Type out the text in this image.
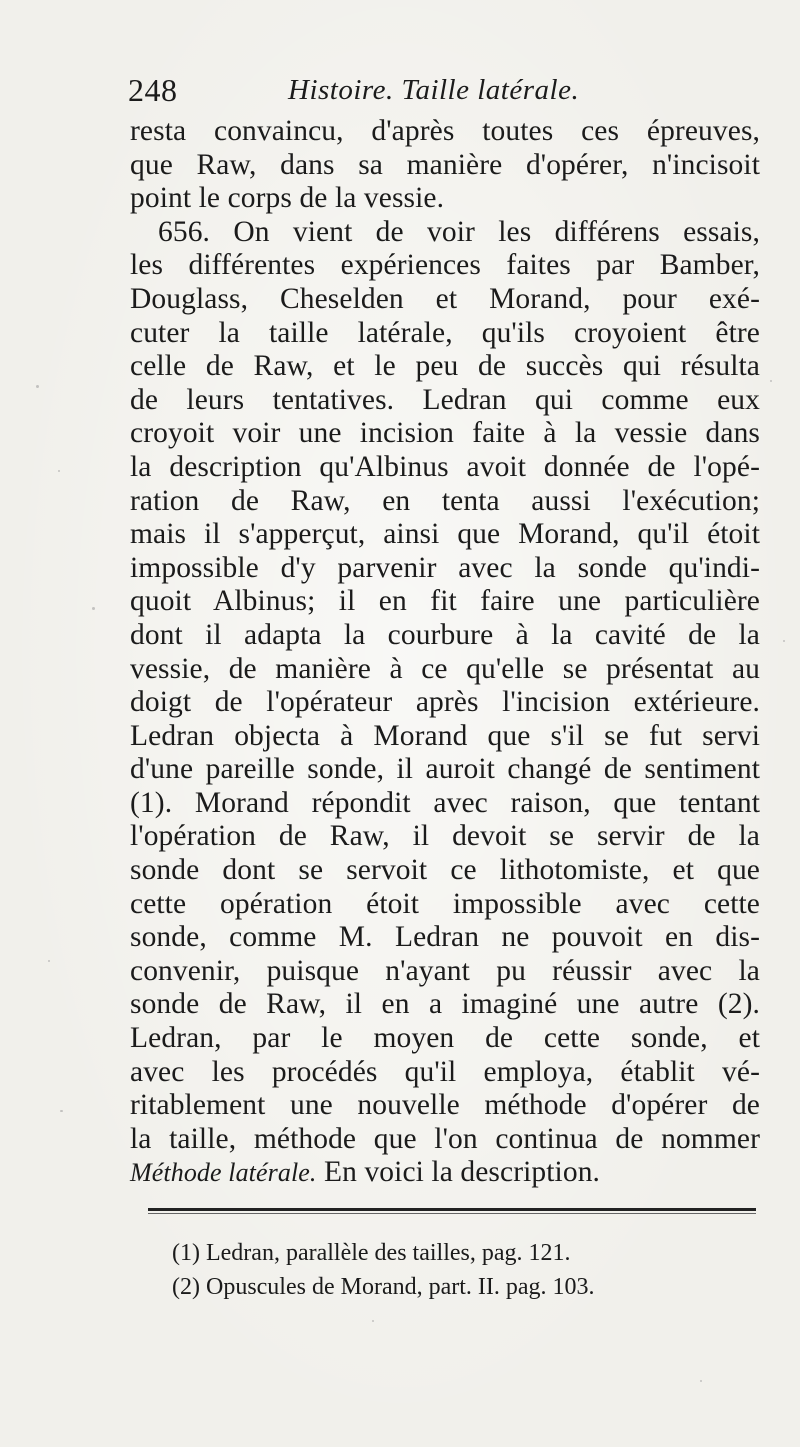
248	Histoire. Taille latérale.
resta convaincu, d'après toutes ces épreuves,
que Raw, dans sa manière d'opérer, n'incisoit
point le corps de la vessie.
656. On vient de voir les différens essais,
les différentes expériences faites par Bamber,
Douglass, Cheselden et Morand, pour exé-
cuter la taille latérale, qu'ils croyoient être
celle de Raw, et le peu de succès qui résulta
de leurs tentatives. Ledran qui comme eux
croyoit voir une incision faite à la vessie dans
la description qu'Albinus avoit donnée de l'opé-
ration de Raw, en tenta aussi l'exécution;
mais il s'apperçut, ainsi que Morand, qu'il étoit
impossible d'y parvenir avec la sonde qu'indi-
quoit Albinus; il en fit faire une particulière
dont il adapta la courbure à la cavité de la
vessie, de manière à ce qu'elle se présentat au
doigt de l'opérateur après l'incision extérieure.
Ledran objecta à Morand que s'il se fut servi
d'une pareille sonde, il auroit changé de sentiment
(1). Morand répondit avec raison, que tentant
l'opération de Raw, il devoit se servir de la
sonde dont se servoit ce lithotomiste, et que
cette opération étoit impossible avec cette
sonde, comme M. Ledran ne pouvoit en dis-
convenir, puisque n'ayant pu réussir avec la
sonde de Raw, il en a imaginé une autre (2).
Ledran, par le moyen de cette sonde, et
avec les procédés qu'il employa, établit vé-
ritablement une nouvelle méthode d'opérer de
la taille, méthode que l'on continua de nommer
Méthode latérale. En voici la description.
(1) Ledran, parallèle des tailles, pag. 121.
(2) Opuscules de Morand, part. II. pag. 103.
